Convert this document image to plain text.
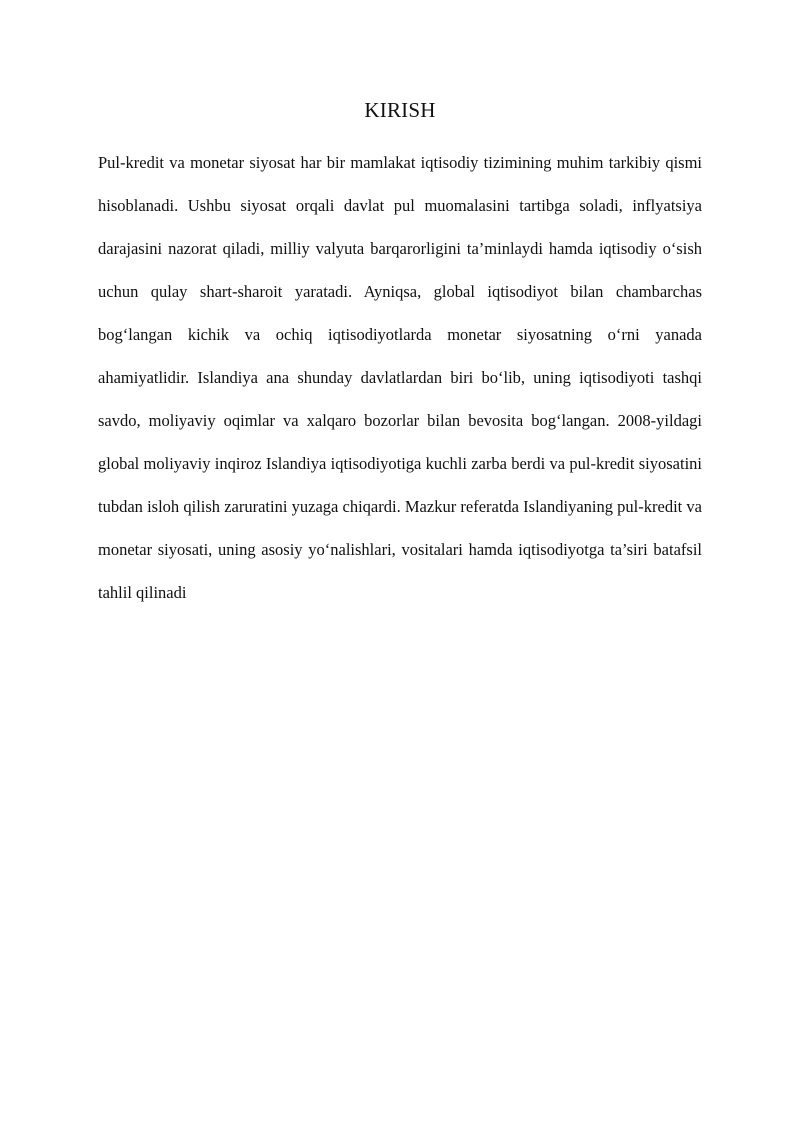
KIRISH

Pul-kredit va monetar siyosat har bir mamlakat iqtisodiy tizimining muhim tarkibiy qismi hisoblanadi. Ushbu siyosat orqali davlat pul muomalasini tartibga soladi, inflyatsiya darajasini nazorat qiladi, milliy valyuta barqarorligini ta’minlaydi hamda iqtisodiy o‘sish uchun qulay shart-sharoit yaratadi. Ayniqsa, global iqtisodiyot bilan chambarchas bog‘langan kichik va ochiq iqtisodiyotlarda monetar siyosatning o‘rni yanada ahamiyatlidir. Islandiya ana shunday davlatlardan biri bo‘lib, uning iqtisodiyoti tashqi savdo, moliyaviy oqimlar va xalqaro bozorlar bilan bevosita bog‘langan. 2008-yildagi global moliyaviy inqiroz Islandiya iqtisodiyotiga kuchli zarba berdi va pul-kredit siyosatini tubdan isloh qilish zaruratini yuzaga chiqardi. Mazkur referatda Islandiyaning pul-kredit va monetar siyosati, uning asosiy yo‘nalishlari, vositalari hamda iqtisodiyotga ta’siri batafsil tahlil qilinadi
